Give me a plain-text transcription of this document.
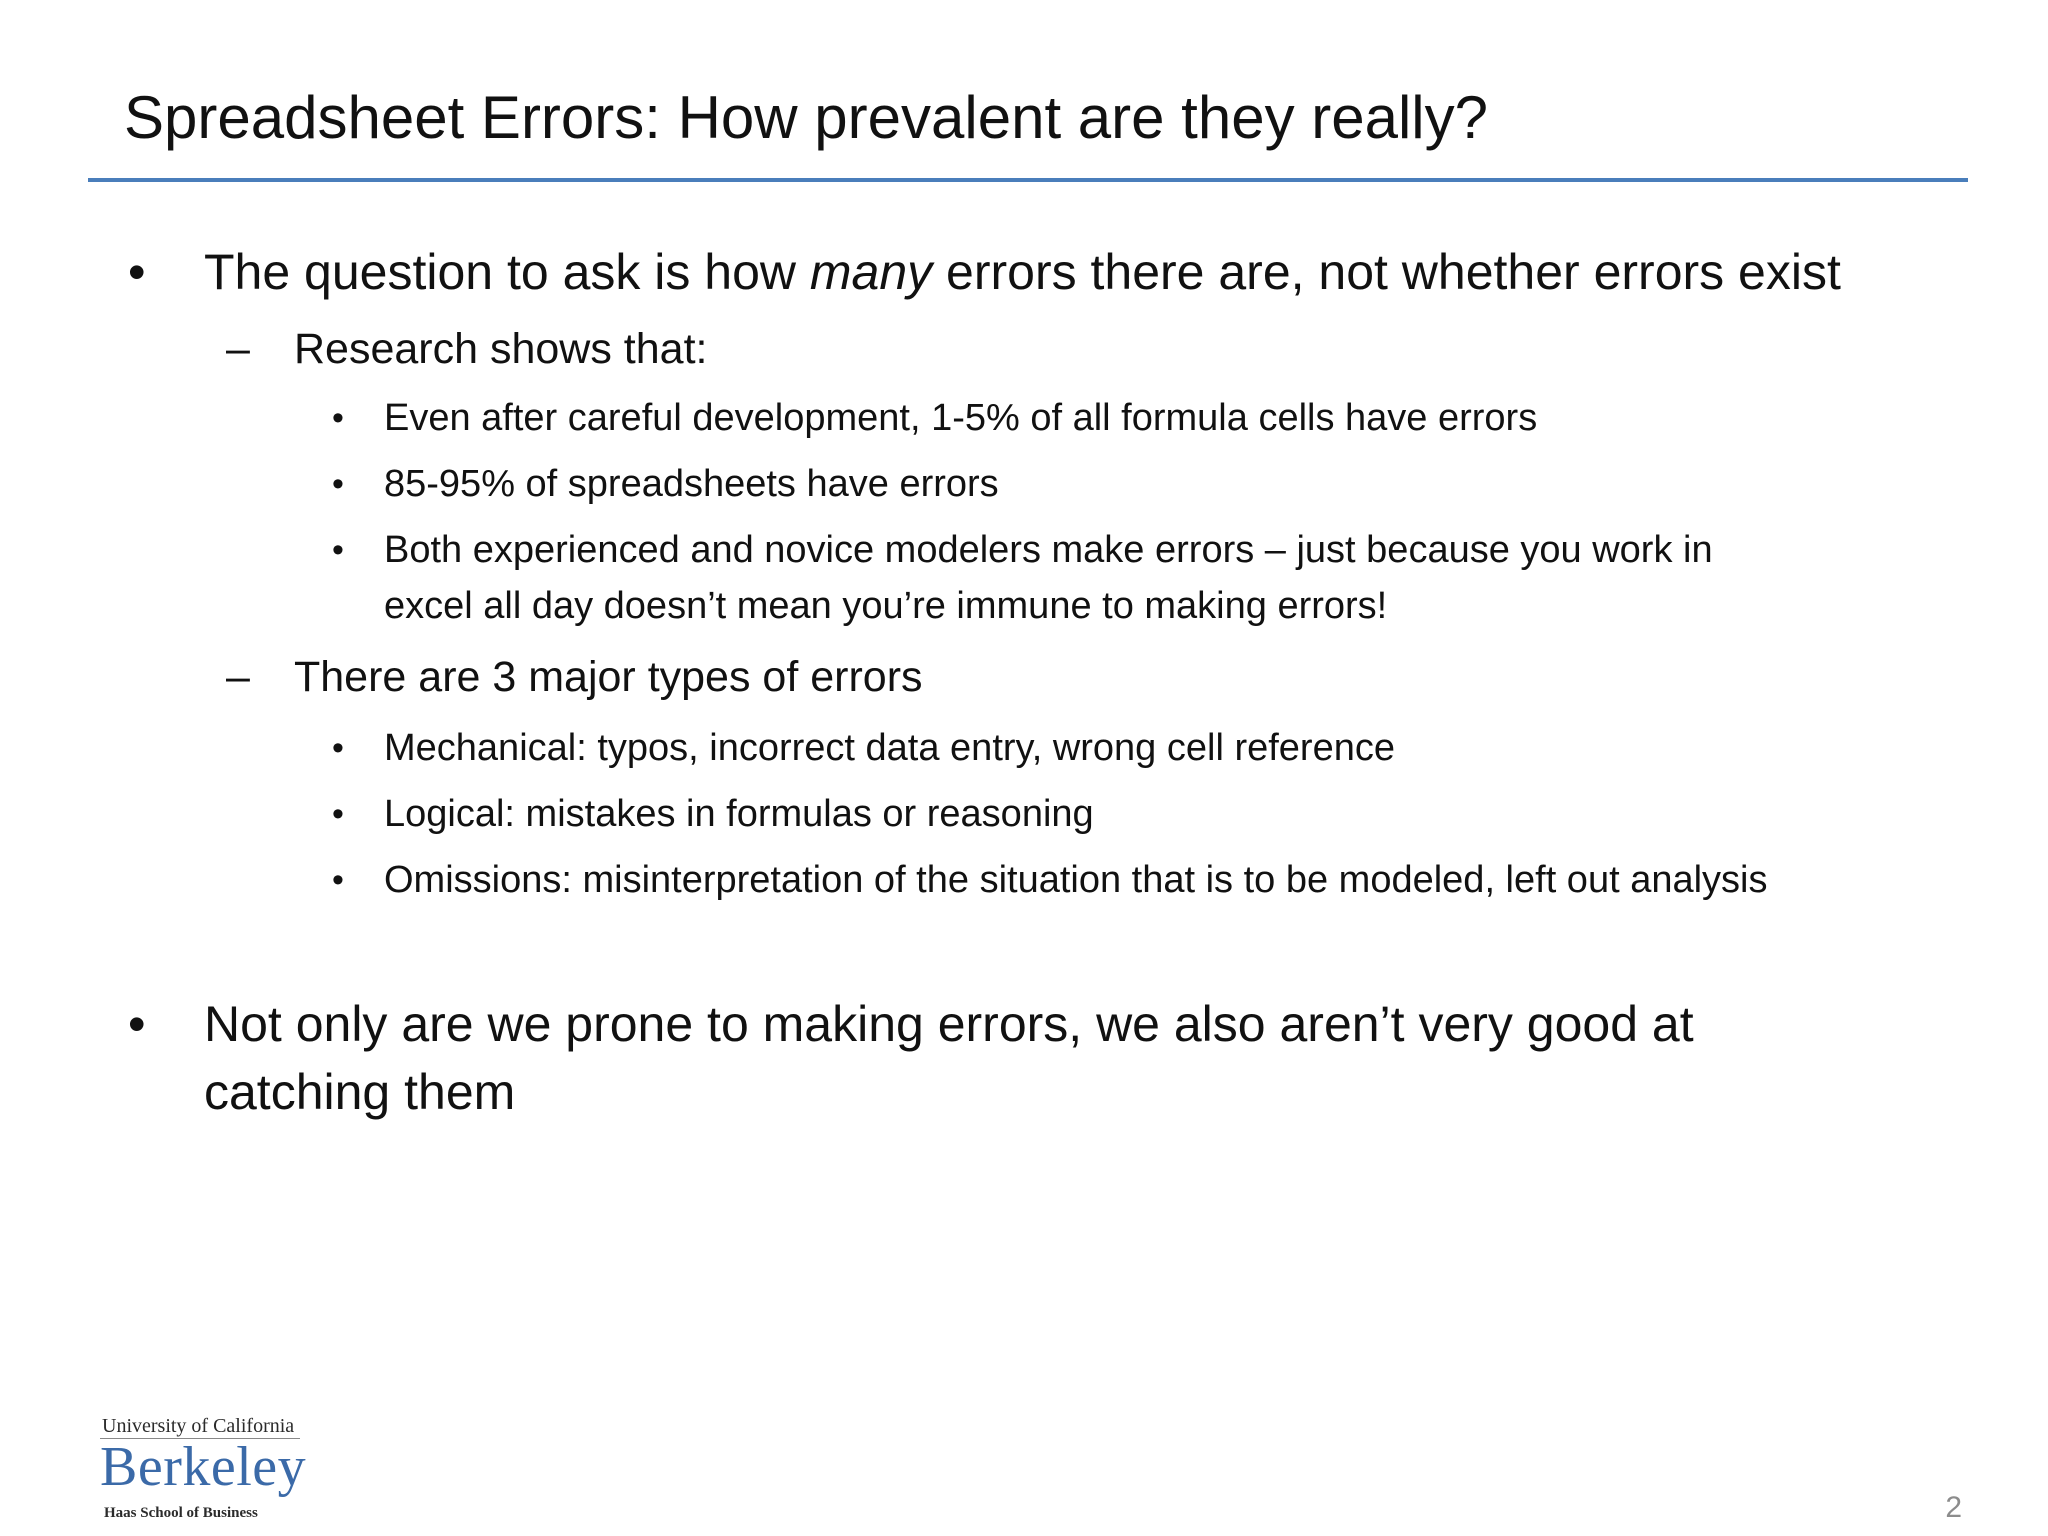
Spreadsheet Errors: How prevalent are they really?
• The question to ask is how many errors there are, not whether errors exist
– Research shows that:
• Even after careful development, 1-5% of all formula cells have errors
• 85-95% of spreadsheets have errors
• Both experienced and novice modelers make errors – just because you work in
excel all day doesn’t mean you’re immune to making errors!
– There are 3 major types of errors
• Mechanical: typos, incorrect data entry, wrong cell reference
• Logical: mistakes in formulas or reasoning
• Omissions: misinterpretation of the situation that is to be modeled, left out analysis
• Not only are we prone to making errors, we also aren’t very good at
catching them
University of California
Berkeley
Haas School of Business	2
